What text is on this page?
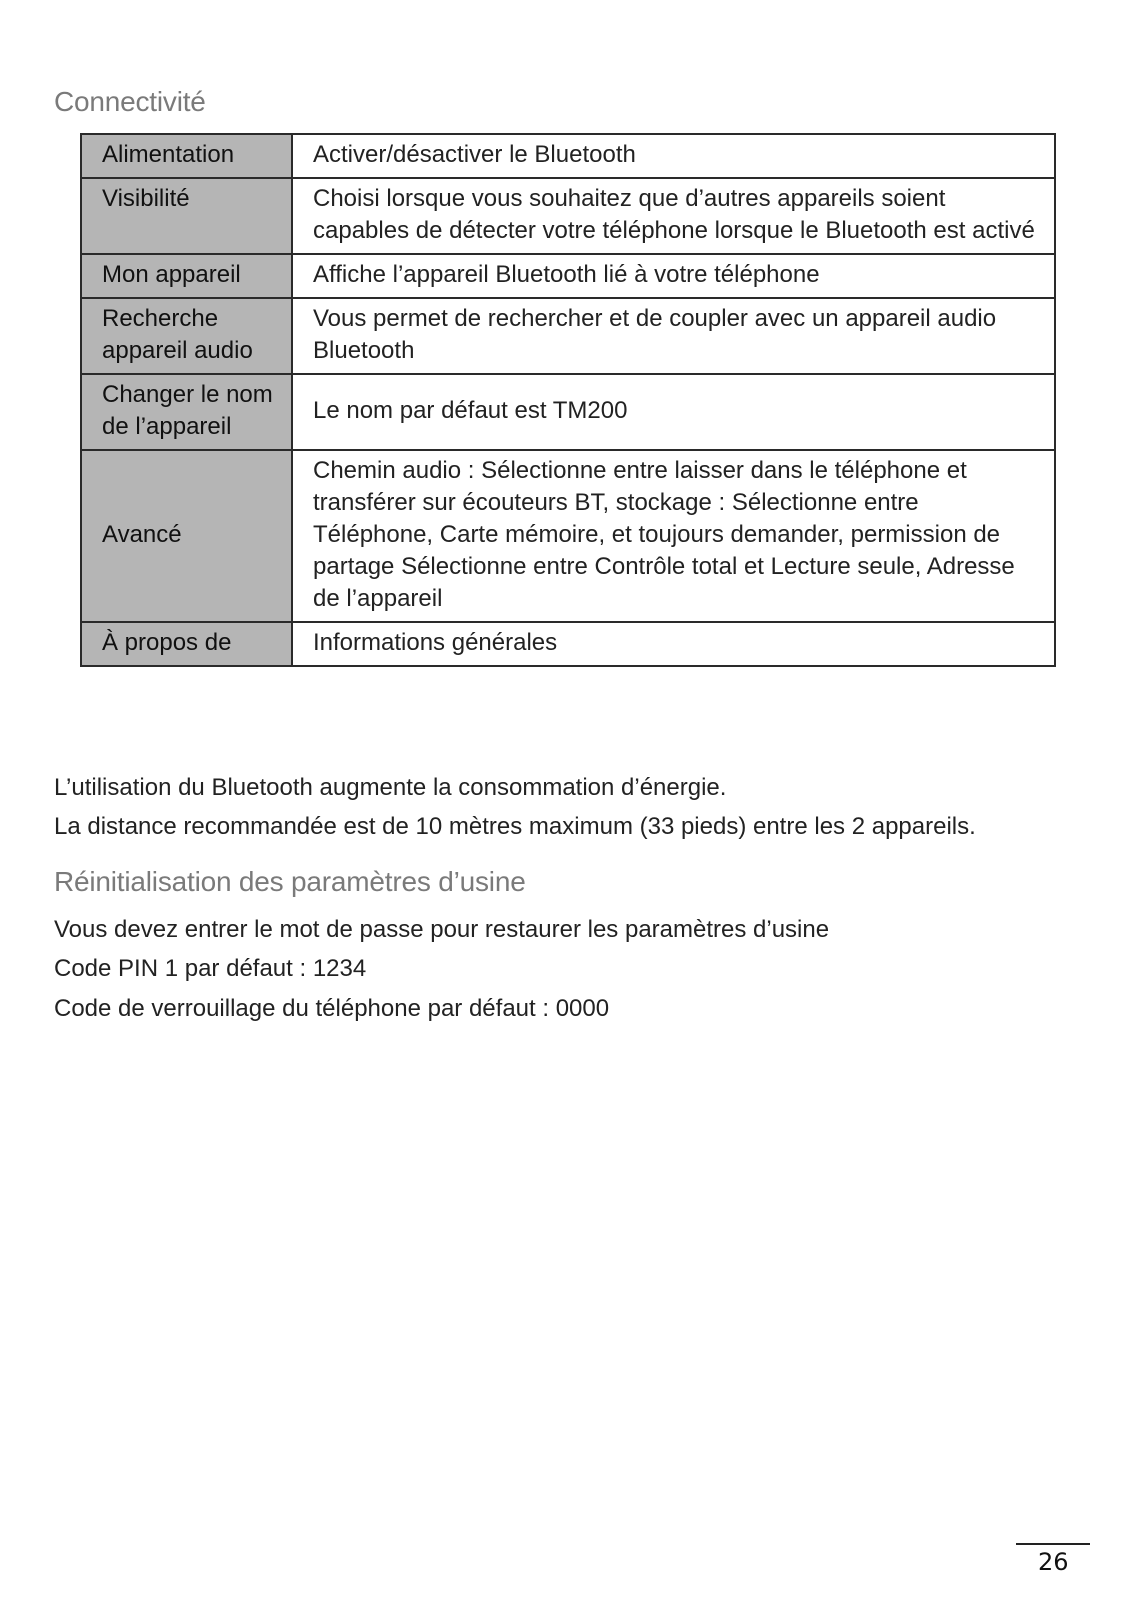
Connectivité
Alimentation	Activer/désactiver le Bluetooth
Visibilité	Choisi lorsque vous souhaitez que d’autres appareils soient capables de détecter votre téléphone lorsque le Bluetooth est activé
Mon appareil	Affiche l’appareil Bluetooth lié à votre téléphone
Recherche appareil audio	Vous permet de rechercher et de coupler avec un appareil audio Bluetooth
Changer le nom de l’appareil	Le nom par défaut est TM200
Avancé	Chemin audio : Sélectionne entre laisser dans le téléphone et transférer sur écouteurs BT, stockage : Sélectionne entre Téléphone, Carte mémoire, et toujours demander, permission de partage Sélectionne entre Contrôle total et Lecture seule, Adresse de l’appareil
À propos de	Informations générales

L’utilisation du Bluetooth augmente la consommation d’énergie.

La distance recommandée est de 10 mètres maximum (33 pieds) entre les 2 appareils.

Réinitialisation des paramètres d’usine

Vous devez entrer le mot de passe pour restaurer les paramètres d’usine

Code PIN 1 par défaut : 1234

Code de verrouillage du téléphone par défaut : 0000

26
